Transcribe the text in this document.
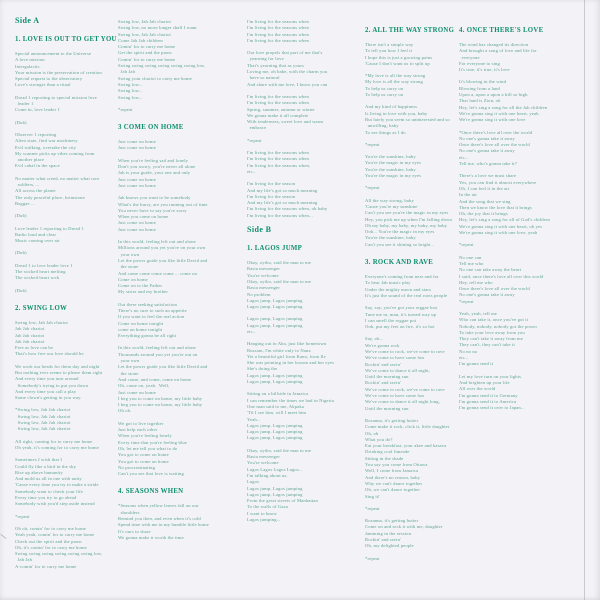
Side A
1. LOVE IS OUT TO GET YOU
Special announcement to the Universe
A love mission
Intergalactic
Your mission is the preservation of creation
Special request to the observatory
Love's stronger than a ritual
Dread 1 reporting to special mission love
leader 1
Come in, love leader 1
(Dub)
Observer 1 reporting
Alien state, find war machinery
Evil walking, overtake the city
My scanner picks up vibes coming from
another place
Evil cabal in the space
No matter what creed, no matter what race
soldiers, ...
All across the planet
The only peaceful place, brimstone
Reggae ...
(Dub)
Love leader 1 reporting to Dread 1
Radio loud and clear
Music coming over air
(Dub)
Dread 1 to love leader love 1
The wicked heart melting
The wicked heart rock
(Dub)
2. SWING LOW
Swing low, Jah Jah chariot
Jah Jah chariot
Jah Jah chariot
Jah Jah chariot
Free as love can be
That's how free our love should be
We work our heads for them day and night
But nothing ever seems to please them right
And every time you turn around
Somebody's trying to put you down
And every time you call a play
Some clown's getting in you way.
*Swing low, Jah Jah chariot
Swing low, Jah Jah chariot
Swing low, Jah Jah chariot
Swing low, Jah Jah chariot
All right, coming for to carry me home
Oh yeah, it's coming for to carry me home
Sometimes I wish that I
Could fly like a bird in the sky
Rise up above humanity
And mold us all in one with unity
'Cause every time you try to make a stride
Somebody want to check your life
Every time you try to go ahead
Somebody wish you'd step aside instead
*repeat
Oh oh, comin' for to carry me home
Yeah yeah, comin' for to carry me home
Check out the spirit and the pawn
Oh, it's comin' for to carry me home
Swing swing swing swing swing swing low,
Jah Jah
A-comin' for to carry me home
Swing low, Jah Jah chariot
Swing low, no more longer shall I roam
Swing low, Jah Jah chariot
Come Jah Jah children
Comin' for to carry me home
Get the spirit and the pawn
Comin' for to carry me home
Swing swing swing swing swing swing low,
Jah Jah
Swing your chariot to carry me home
Swing low...
Swing low...
Swing low...
*repeat
3 COME ON HOME
Just come on home
Just come on home
When you're feeling sad and lonely
Don't you worry, you're never all alone
Jah is your guide, your one and only
Just come on home
Just come on home
Jah knows you want to be somebody
What's the hurry, are you running out of time
You never have to say you're sorry
When you come on home
Just come on home
Just come on home
In this world, feeling left out and alone
Millions around you yet you're on your own
your own
Let the power guide you like little David and
the stone
And come come come come ... come on
Come on home
Come on to the Father
My sister and my brother
Out there seeking satisfaction
There's no cure to such an appetite
If you want to feel the real action
Come on home tonight
come on home tonight
Everything gonna be all right
In this world, feeling left out and alone
Thousands around you yet you're out on
your own
Let the power guide you like little David and
the stone
And come, and come, come on home
Oh, come on, yeah.  Well,
Just come on home
I beg you to come on home, my little baby
I beg you to come on home, my little baby
Oh oh.
We got to live together
Just help each other
When you're feeling lonely
Every time that you're feeling blue
Oh, let me tell you what to do
You got to come on home
You got to come on home
No procrastinating
Can't you see that love is waiting
4. SEASONS WHEN
*Seasons when yellow leaves fall on our
shoulders
Remind you then, and even when it's cold
Spend time with me in my humble little home
It's ours to share
We gonna make it worth the time
I'm living for the seasons when
I'm living for the seasons when
I'm living for the seasons when
I'm living for the seasons when
Our love propels that part of me that's
yearning for love
That's yearning that as yours
Loving me, oh babe, with the charm you
have so natural
And share with me love, I know you can
I'm living for the seasons when
I'm living for the seasons when
Spring, summer, autumn or winter
We gonna make it all complete
With tenderness, sweet love and warm
embrace
*repeat
I'm living for the seasons when
I'm living for the seasons when
I'm living for the seasons when,
etc...
I'm living for the season
And my life's got so much meaning
I'm living for the season
And my life's got so much meaning
I'm living for the seasons when, oh baby
I'm living for the seasons when...
Side B
1. LAGOS JUMP
Okay, oyibo, said the man to me
Rasta messenger
You're welcome
Okay, oyibo, said the man to me
Rasta messenger
No problem
Lagos jump, Lagos jumping
Lagos jump, Lagos jumping
Lagos jump, Lagos jumping
Lagos jump, Lagos jumping
etc...
Hanging out in Aba, just like hometown
Russian, I'm white only to Nana
Yet a beautiful girl from Kano, from Ile
She was pointing in her bosom and her eyes
She's doing the
Lagos jump, Lagos jumping
Lagos jump, Lagos jumping
Sitting on a hillside in Jamaica
I can remember the times we had in Nigeria
One man said to me, Akpaka
'Til I see him, will I meet him
Yeah...
Lagos jump, Lagos jumping
Lagos jump, Lagos jumping
Lagos jump, Lagos jumping
Okay, oyibo, said the man to me
Rasta messenger
You're welcome
Lagos Lagos Lagos Lagos...
I'm talking about us.
Lagos
Lagos jump, Lagos jumping
Lagos jump, Lagos jumping
From the great streets of Manhattan
To the walls of Gaza
I want to know
Lagos jumping...
2. ALL THE WAY STRONG
There isn't a simple way
To tell you how I feel it
I hope this is just a growing pains
'Cause I don't want us to split up
*My love is all the way strong
My love is all the way strong
To help us carry on
To help us carry on
And my kind of happiness
Is living in love with you, baby
But lately you seem so uninterested and so
unwilling, baby
To see things as I do
*repeat
You're the sunshine, baby
You're the magic in my eyes
You're the sunshine, baby
You're the magic in my eyes
*repeat
All the way strong, baby
'Cause you're my sunshine
Can't you see you're the magic in my eyes
Hey, you pick me up when I'm falling down
Oh my baby, my baby, my baby, my baby
Ooh... You're the magic in my eyes
You're the sunshine, baby
Can't you see it shining so bright...
3. ROCK AND RAVE
Everyone's coming from near and far
To hear Jah music play
Under the mighty moon and stars
It's just the sound of the real roots people
Say, say, you've got your reggae box
Tune me in, man, it's turned way up
I can smell the reggae pot
Ooh, put my feet on fire, it's so hot
Say, oh...
We're gonna rock
We've come to rock, we've come to rave
We've come to have some fun
Rockin' and ravin'
We've come to dance it all night,
Until the morning sun
Rockin' and ravin'
We've come to rock, we've come to rave
We've come to have some fun
We've come to dance it all night long,
Until the morning sun
Rosanna, it's getting hotter
Come make it rock, click it, little daughter
Oh, oh
What you do?
Eat your breakfast, your akee and kasava
Drinking cool limeade
Sitting in the shade
You say you come from Ottawa
Well, I come from Jamaica
And there's no reason, baby
Why we can't dance together
Oh, we can't dance together
Sing it!
*repeat
Rosanna, it's getting hotter
Come on and rock it with me, daughter
Jamming in the session
Rockin' and ravin'
Oh, my delighted people
*repeat
4. ONCE THERE'S LOVE
The wind has changed its direction
And brought a song of love and life for
everyone
For everyone to sing
It's true, it's true, it's love
It's blowing in the wind
Blowing from a land
Upon a, upon a upon a hill so high
That land is Zion, oh
Hey, let's sing a song for all the Jah children
We're gonna sing it with one heart, yeah
We're gonna sing it with one love
*Once there's love all over the world
No one's gonna take it away
Once there's love all over the world
No one's gonna take it away
etc...
Tell me, who's gonna take it?
There's a love we must share
Yes, you can find it almost everywhere
Oh, I can feel it in the air
In the air
And the song that we sing
Then we know the love that it brings
Oh, the joy that it brings
Hey, let's sing a song for all of God's children
We're gonna sing it with one heart, oh yes
We're gonna sing it with one love, yeah
*repeat
No one can
Tell me who
No one can take away the heart
I said, once there's love all over this world
Hey, tell me who
Once there's love all over the world
No one's gonna take it away
*repeat
Yeah, yeah, tell me
Who can take it, once you've got it
Nobody, nobody, nobody got the power
To take your love away from you
They can't take it away from me
They can't, they can't take it
No no no
etc...
I'm gonna send it
Let my love turn on your lights
And brighten up your life
All over the world
I'm gonna send it to Germany
I'm gonna send it to America
I'm gonna send it over to Japan...
